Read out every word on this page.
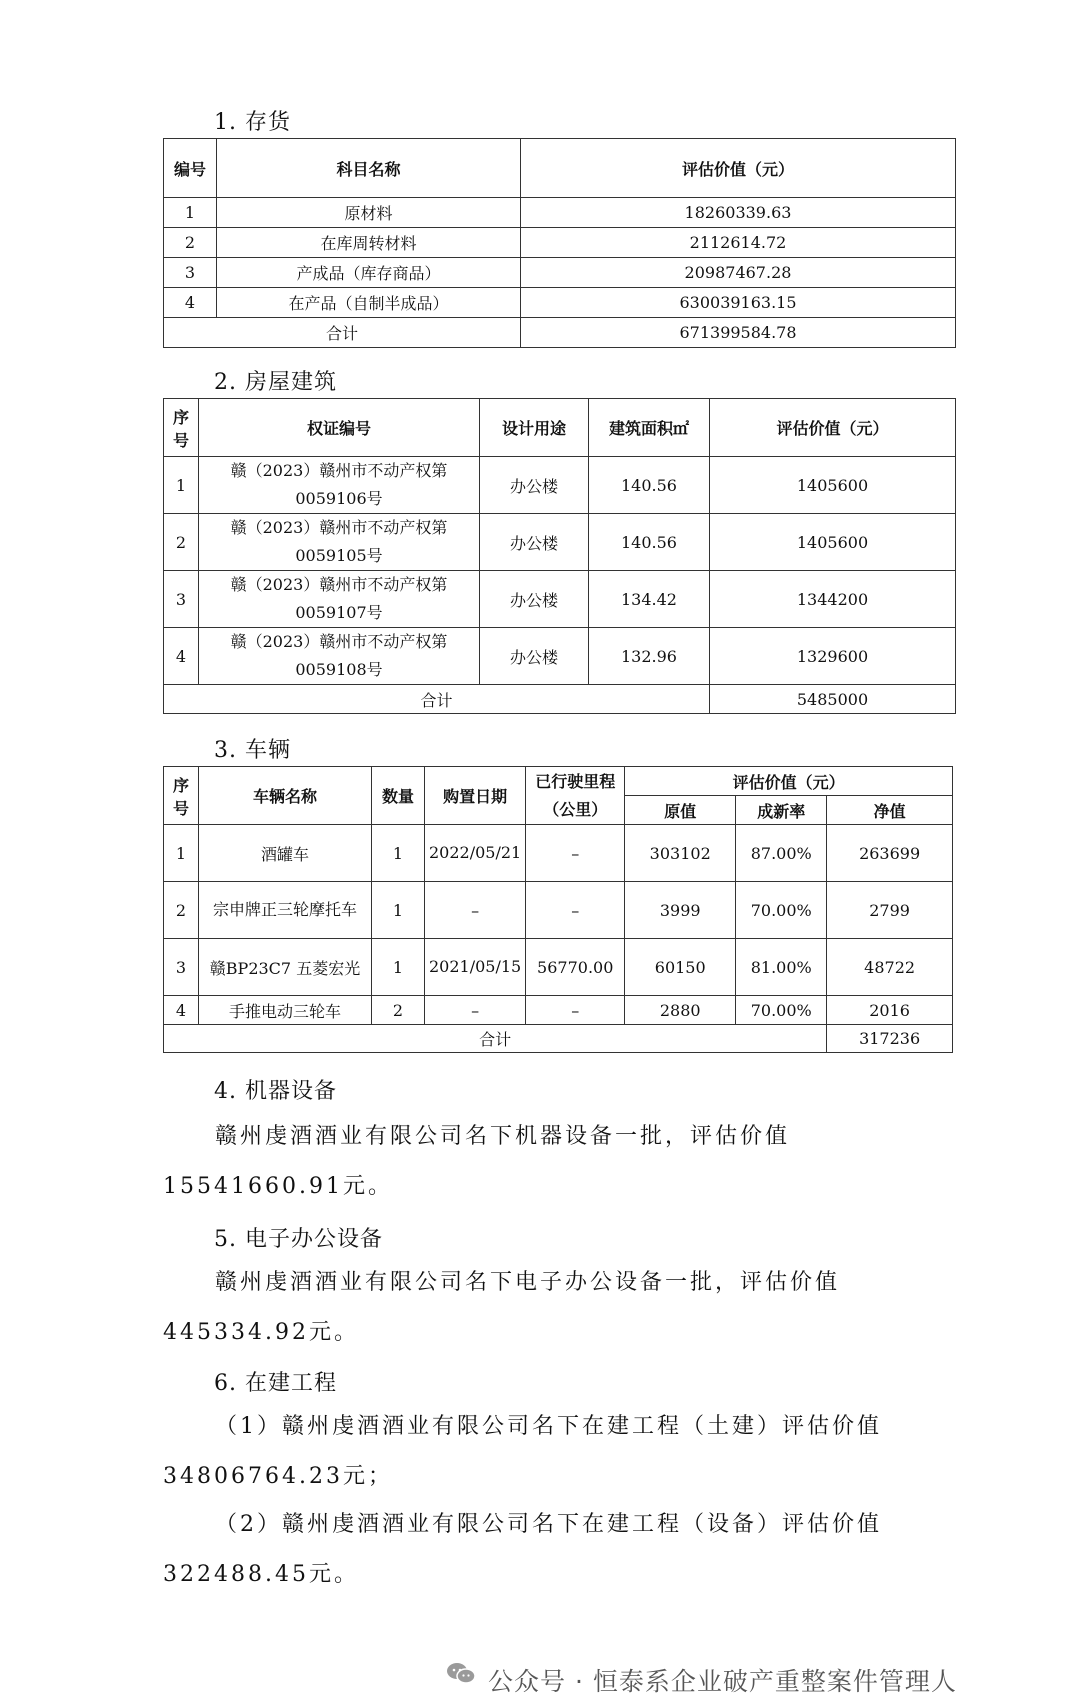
1. 存货
编号	科目名称	评估价值（元）
1	原材料	18260339.63
2	在库周转材料	2112614.72
3	产成品（库存商品）	20987467.28
4	在产品（自制半成品）	630039163.15
合计		671399584.78
2. 房屋建筑
序号	权证编号	设计用途	建筑面积㎡	评估价值（元）
1	赣（2023）赣州市不动产权第0059106号	办公楼	140.56	1405600
2	赣（2023）赣州市不动产权第0059105号	办公楼	140.56	1405600
3	赣（2023）赣州市不动产权第0059107号	办公楼	134.42	1344200
4	赣（2023）赣州市不动产权第0059108号	办公楼	132.96	1329600
合计				5485000
3. 车辆
序号	车辆名称	数量	购置日期	已行驶里程（公里）	评估价值（元）		
					原值	成新率	净值
1	酒罐车	1	2022/05/21	–	303102	87.00%	263699
2	宗申牌正三轮摩托车	1	–	–	3999	70.00%	2799
3	赣BP23C7 五菱宏光	1	2021/05/15	56770.00	60150	81.00%	48722
4	手推电动三轮车	2	–	–	2880	70.00%	2016
合计							317236
4. 机器设备
赣州虔酒酒业有限公司名下机器设备一批，评估价值15541660.91元。
5. 电子办公设备
赣州虔酒酒业有限公司名下电子办公设备一批，评估价值445334.92元。
6. 在建工程
（1）赣州虔酒酒业有限公司名下在建工程（土建）评估价值34806764.23元；
（2）赣州虔酒酒业有限公司名下在建工程（设备）评估价值322488.45元。
公众号 · 恒泰系企业破产重整案件管理人
